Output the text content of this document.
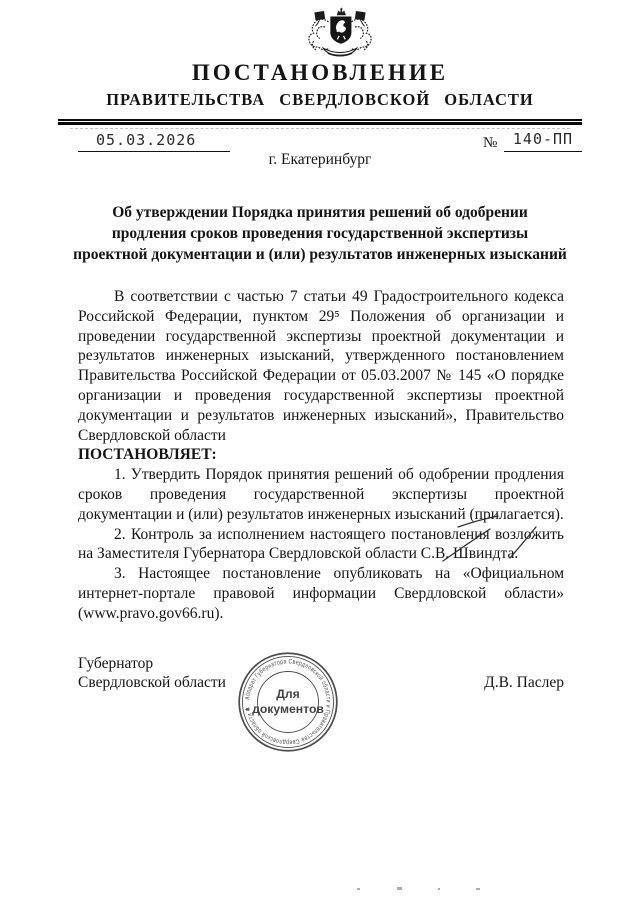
ПОСТАНОВЛЕНИЕ
ПРАВИТЕЛЬСТВА СВЕРДЛОВСКОЙ ОБЛАСТИ
05.03.2026	№	140-ПП
г. Екатеринбург
Об утверждении Порядка принятия решений об одобрении
продления сроков проведения государственной экспертизы
проектной документации и (или) результатов инженерных изысканий

В соответствии с частью 7 статьи 49 Градостроительного кодекса Российской Федерации, пунктом 29⁵ Положения об организации и проведении государственной экспертизы проектной документации и результатов инженерных изысканий, утвержденного постановлением Правительства Российской Федерации от 05.03.2007 № 145 «О порядке организации и проведения государственной экспертизы проектной документации и результатов инженерных изысканий», Правительство Свердловской области

ПОСТАНОВЛЯЕТ:

1. Утвердить Порядок принятия решений об одобрении продления сроков проведения государственной экспертизы проектной документации и (или) результатов инженерных изысканий (прилагается).

2. Контроль за исполнением настоящего постановления возложить на Заместителя Губернатора Свердловской области С.В. Швиндта.

3. Настоящее постановление опубликовать на «Официальном интернет-портале правовой информации Свердловской области» (www.pravo.gov66.ru).

Губернатор
Свердловской области	Д.В. Паслер
Аппарат Губернатора Свердловской области и Правительства Свердловской области ✱
Для
документов
